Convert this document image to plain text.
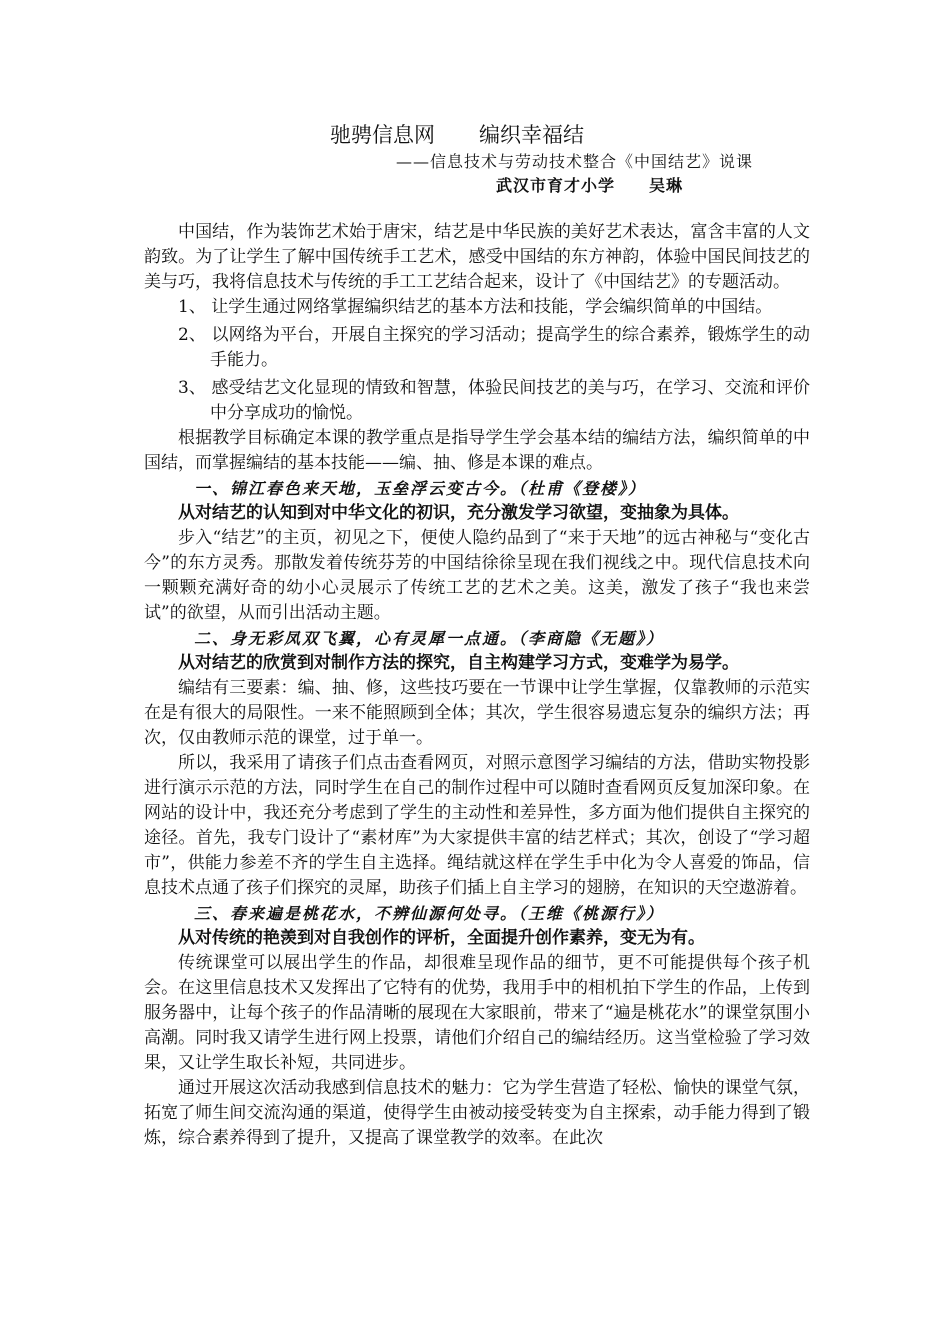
驰骋信息网 编织幸福结
——信息技术与劳动技术整合《中国结艺》说课
武汉市育才小学 吴琳

中国结，作为装饰艺术始于唐宋，结艺是中华民族的美好艺术表达，富含丰富的人文韵致。为了让学生了解中国传统手工艺术，感受中国结的东方神韵，体验中国民间技艺的美与巧，我将信息技术与传统的手工工艺结合起来，设计了《中国结艺》的专题活动。

1、 让学生通过网络掌握编织结艺的基本方法和技能，学会编织简单的中国结。

2、 以网络为平台，开展自主探究的学习活动；提高学生的综合素养，锻炼学生的动手能力。

3、 感受结艺文化显现的情致和智慧，体验民间技艺的美与巧，在学习、交流和评价中分享成功的愉悦。

根据教学目标确定本课的教学重点是指导学生学会基本结的编结方法，编织简单的中国结，而掌握编结的基本技能——编、抽、修是本课的难点。

一、锦江春色来天地，玉垒浮云变古今。（杜甫《登楼》）

从对结艺的认知到对中华文化的初识，充分激发学习欲望，变抽象为具体。

步入“结艺”的主页，初见之下，便使人隐约品到了“来于天地”的远古神秘与“变化古今”的东方灵秀。那散发着传统芬芳的中国结徐徐呈现在我们视线之中。现代信息技术向一颗颗充满好奇的幼小心灵展示了传统工艺的艺术之美。这美，激发了孩子“我也来尝试”的欲望，从而引出活动主题。

二、身无彩凤双飞翼，心有灵犀一点通。（李商隐《无题》）

从对结艺的欣赏到对制作方法的探究，自主构建学习方式，变难学为易学。

编结有三要素：编、抽、修，这些技巧要在一节课中让学生掌握，仅靠教师的示范实在是有很大的局限性。一来不能照顾到全体；其次，学生很容易遗忘复杂的编织方法；再次，仅由教师示范的课堂，过于单一。

所以，我采用了请孩子们点击查看网页，对照示意图学习编结的方法，借助实物投影进行演示示范的方法，同时学生在自己的制作过程中可以随时查看网页反复加深印象。在网站的设计中，我还充分考虑到了学生的主动性和差异性，多方面为他们提供自主探究的途径。首先，我专门设计了“素材库”为大家提供丰富的结艺样式；其次，创设了“学习超市”，供能力参差不齐的学生自主选择。绳结就这样在学生手中化为令人喜爱的饰品，信息技术点通了孩子们探究的灵犀，助孩子们插上自主学习的翅膀，在知识的天空遨游着。

三、春来遍是桃花水，不辨仙源何处寻。（王维《桃源行》）

从对传统的艳羡到对自我创作的评析，全面提升创作素养，变无为有。

传统课堂可以展出学生的作品，却很难呈现作品的细节，更不可能提供每个孩子机会。在这里信息技术又发挥出了它特有的优势，我用手中的相机拍下学生的作品，上传到服务器中，让每个孩子的作品清晰的展现在大家眼前，带来了“遍是桃花水”的课堂氛围小高潮。同时我又请学生进行网上投票，请他们介绍自己的编结经历。这当堂检验了学习效果，又让学生取长补短，共同进步。

通过开展这次活动我感到信息技术的魅力：它为学生营造了轻松、愉快的课堂气氛，拓宽了师生间交流沟通的渠道，使得学生由被动接受转变为自主探索，动手能力得到了锻炼，综合素养得到了提升，又提高了课堂教学的效率。在此次
